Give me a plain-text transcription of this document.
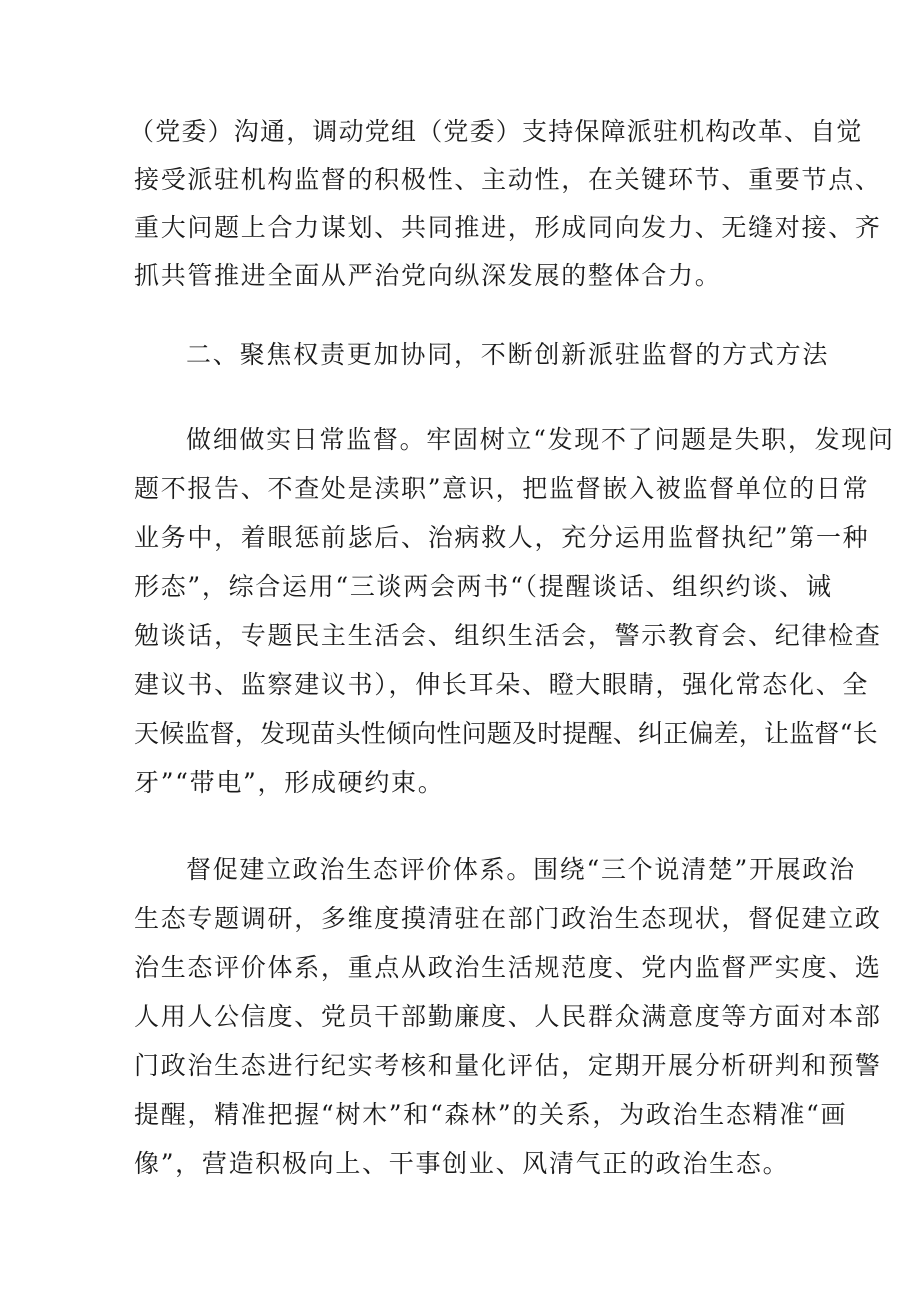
（党委）沟通，调动党组（党委）支持保障派驻机构改革、自觉
接受派驻机构监督的积极性、主动性，在关键环节、重要节点、
重大问题上合力谋划、共同推进，形成同向发力、无缝对接、齐
抓共管推进全面从严治党向纵深发展的整体合力。
二、聚焦权责更加协同，不断创新派驻监督的方式方法
做细做实日常监督。牢固树立“发现不了问题是失职，发现问
题不报告、不查处是渎职”意识，把监督嵌入被监督单位的日常
业务中，着眼惩前毖后、治病救人，充分运用监督执纪”第一种
形态”，综合运用“三谈两会两书“（提醒谈话、组织约谈、诫
勉谈话，专题民主生活会、组织生活会，警示教育会、纪律检查
建议书、监察建议书），伸长耳朵、瞪大眼睛，强化常态化、全
天候监督，发现苗头性倾向性问题及时提醒、纠正偏差，让监督“长
牙”“带电”，形成硬约束。
督促建立政治生态评价体系。围绕“三个说清楚”开展政治
生态专题调研，多维度摸清驻在部门政治生态现状，督促建立政
治生态评价体系，重点从政治生活规范度、党内监督严实度、选
人用人公信度、党员干部勤廉度、人民群众满意度等方面对本部
门政治生态进行纪实考核和量化评估，定期开展分析研判和预警
提醒，精准把握“树木”和“森林”的关系，为政治生态精准“画
像”，营造积极向上、干事创业、风清气正的政治生态。
